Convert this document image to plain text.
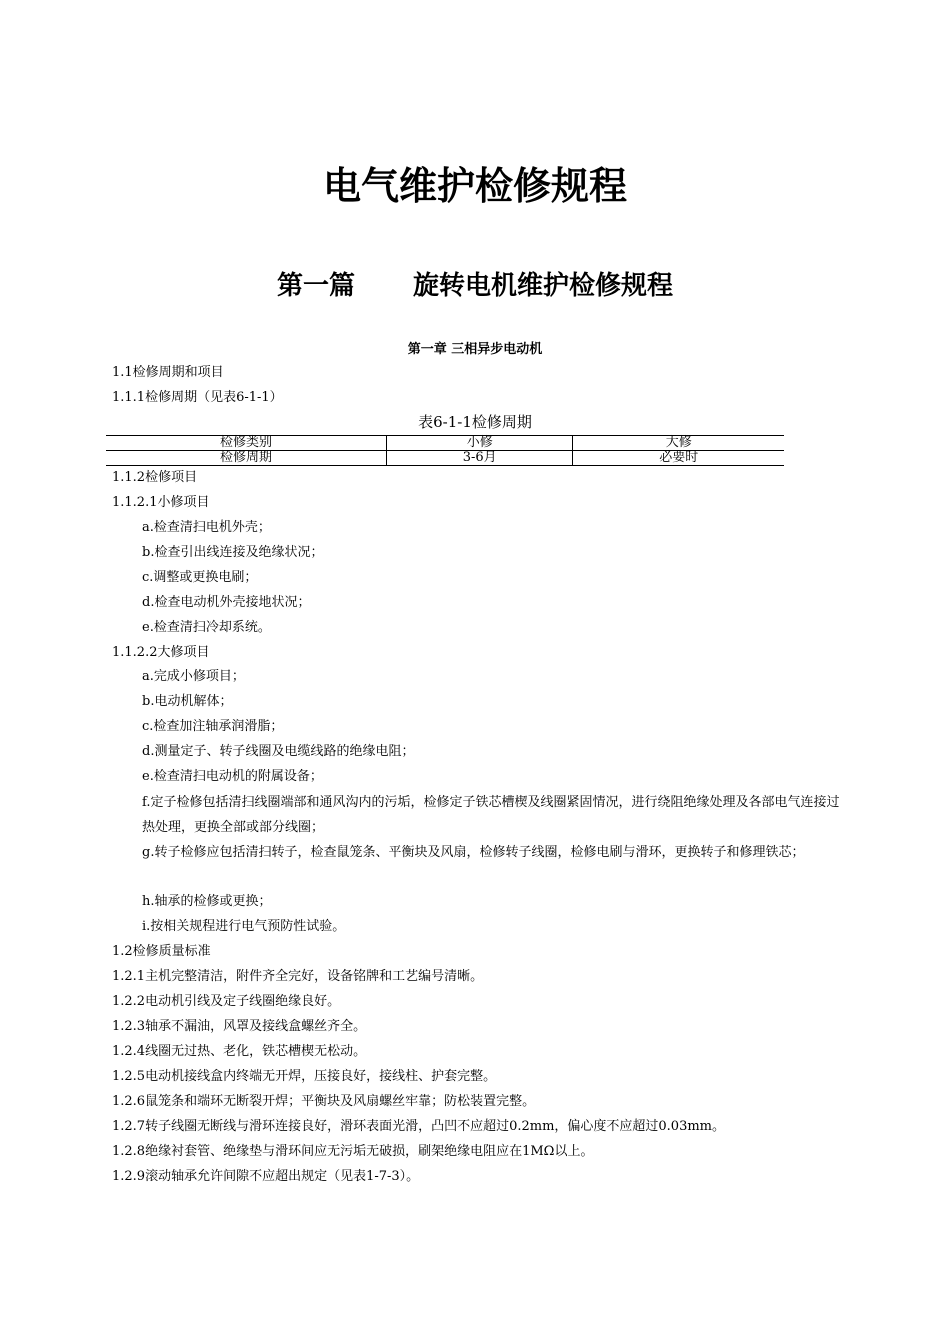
电气维护检修规程
第一篇 旋转电机维护检修规程
第一章 三相异步电动机
1.1检修周期和项目
1.1.1检修周期（见表6-1-1）
表6-1-1检修周期
检修类别	小修	大修
检修周期	3-6月	必要时
1.1.2检修项目
1.1.2.1小修项目
a.检查清扫电机外壳；
b.检查引出线连接及绝缘状况；
c.调整或更换电刷；
d.检查电动机外壳接地状况；
e.检查清扫冷却系统。
1.1.2.2大修项目
a.完成小修项目；
b.电动机解体；
c.检查加注轴承润滑脂；
d.测量定子、转子线圈及电缆线路的绝缘电阻；
e.检查清扫电动机的附属设备；
f.定子检修包括清扫线圈端部和通风沟内的污垢，检修定子铁芯槽楔及线圈紧固情况，进行绕阻绝缘处理及各部电气连接过热处理，更换全部或部分线圈；
g.转子检修应包括清扫转子，检查鼠笼条、平衡块及风扇，检修转子线圈，检修电刷与滑环，更换转子和修理铁芯；
h.轴承的检修或更换；
i.按相关规程进行电气预防性试验。
1.2检修质量标准
1.2.1主机完整清洁，附件齐全完好，设备铭牌和工艺编号清晰。
1.2.2电动机引线及定子线圈绝缘良好。
1.2.3轴承不漏油，风罩及接线盒螺丝齐全。
1.2.4线圈无过热、老化，铁芯槽楔无松动。
1.2.5电动机接线盒内终端无开焊，压接良好，接线柱、护套完整。
1.2.6鼠笼条和端环无断裂开焊；平衡块及风扇螺丝牢靠；防松装置完整。
1.2.7转子线圈无断线与滑环连接良好，滑环表面光滑，凸凹不应超过0.2mm，偏心度不应超过0.03mm。
1.2.8绝缘衬套管、绝缘垫与滑环间应无污垢无破损，刷架绝缘电阻应在1MΩ以上。
1.2.9滚动轴承允许间隙不应超出规定（见表1-7-3）。
